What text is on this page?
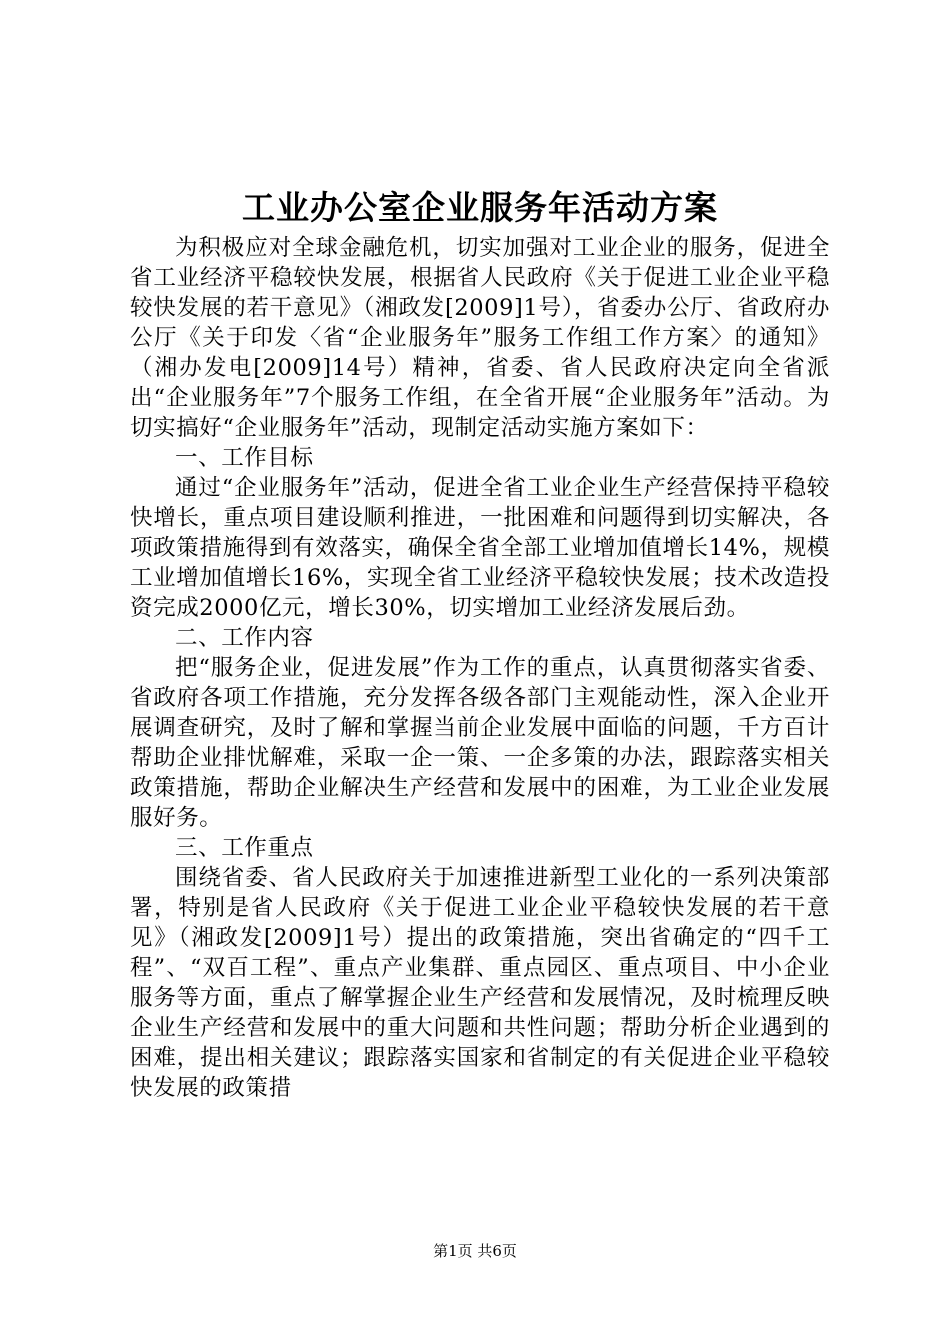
工业办公室企业服务年活动方案

为积极应对全球金融危机，切实加强对工业企业的服务，促进全省工业经济平稳较快发展，根据省人民政府《关于促进工业企业平稳较快发展的若干意见》（湘政发[2009]1号），省委办公厅、省政府办公厅《关于印发〈省“企业服务年”服务工作组工作方案〉的通知》（湘办发电[2009]14号）精神，省委、省人民政府决定向全省派出“企业服务年”7个服务工作组，在全省开展“企业服务年”活动。为切实搞好“企业服务年”活动，现制定活动实施方案如下：

一、工作目标

通过“企业服务年”活动，促进全省工业企业生产经营保持平稳较快增长，重点项目建设顺利推进，一批困难和问题得到切实解决，各项政策措施得到有效落实，确保全省全部工业增加值增长14%，规模工业增加值增长16%，实现全省工业经济平稳较快发展；技术改造投资完成2000亿元，增长30%，切实增加工业经济发展后劲。

二、工作内容

把“服务企业，促进发展”作为工作的重点，认真贯彻落实省委、省政府各项工作措施，充分发挥各级各部门主观能动性，深入企业开展调查研究，及时了解和掌握当前企业发展中面临的问题，千方百计帮助企业排忧解难，采取一企一策、一企多策的办法，跟踪落实相关政策措施，帮助企业解决生产经营和发展中的困难，为工业企业发展服好务。

三、工作重点

围绕省委、省人民政府关于加速推进新型工业化的一系列决策部署，特别是省人民政府《关于促进工业企业平稳较快发展的若干意见》（湘政发[2009]1号）提出的政策措施，突出省确定的“四千工程”、“双百工程”、重点产业集群、重点园区、重点项目、中小企业服务等方面，重点了解掌握企业生产经营和发展情况，及时梳理反映企业生产经营和发展中的重大问题和共性问题；帮助分析企业遇到的困难，提出相关建议；跟踪落实国家和省制定的有关促进企业平稳较快发展的政策措

第1页 共6页
